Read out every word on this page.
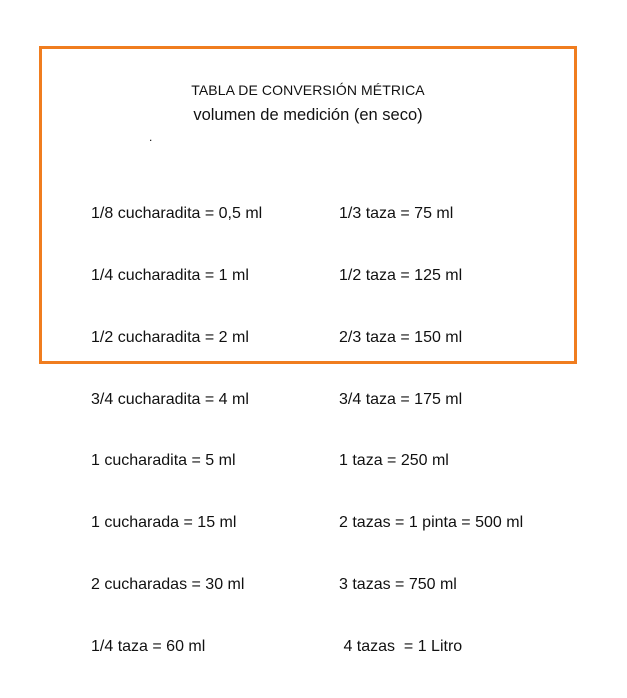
TABLA DE CONVERSIÓN MÉTRICA
volumen de medición (en seco)
.

1/8 cucharadita = 0,5 ml

1/4 cucharadita = 1 ml

1/2 cucharadita = 2 ml

3/4 cucharadita = 4 ml

1 cucharadita = 5 ml

1 cucharada = 15 ml

2 cucharadas = 30 ml

1/4 taza = 60 ml

1/3 taza = 75 ml

1/2 taza = 125 ml

2/3 taza = 150 ml

3/4 taza = 175 ml

1 taza = 250 ml

2 tazas = 1 pinta = 500 ml

3 tazas = 750 ml

4 tazas  = 1 Litro
